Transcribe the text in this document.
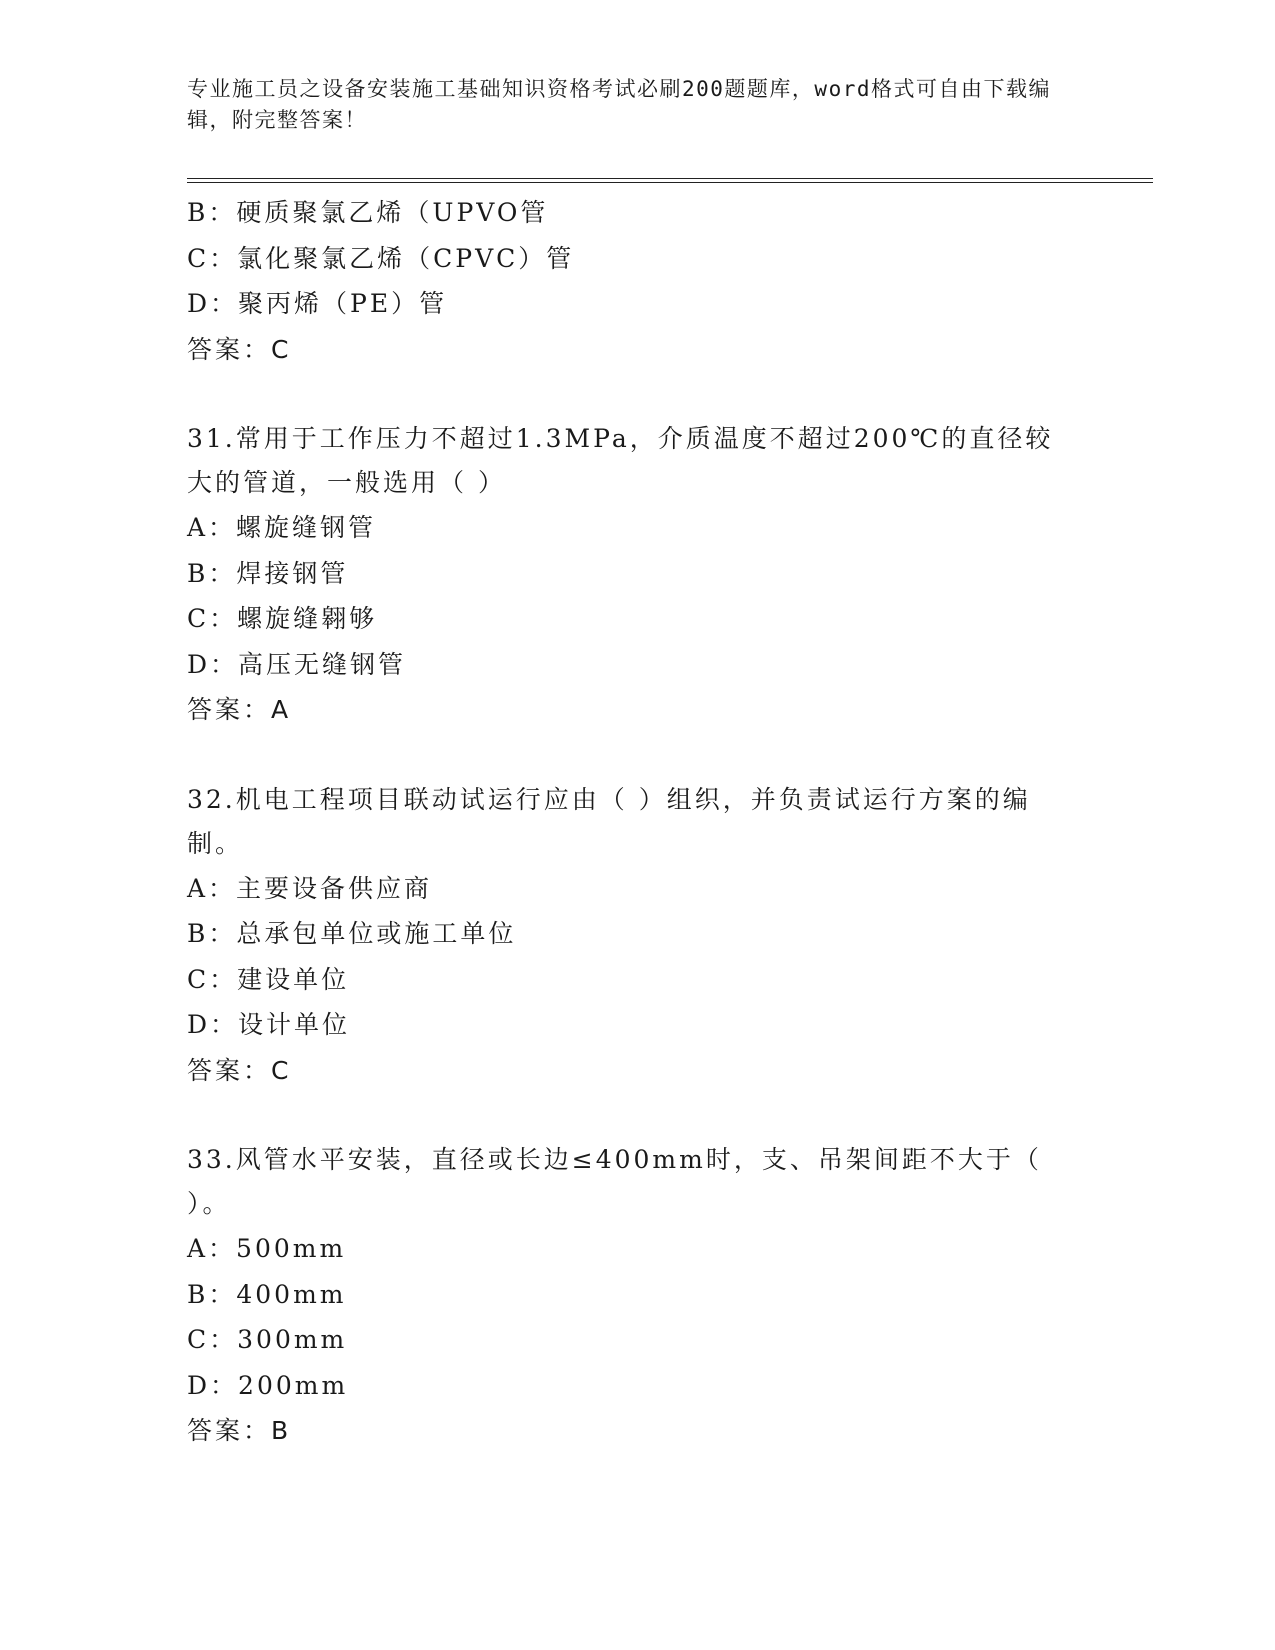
专业施工员之设备安装施工基础知识资格考试必刷200题题库，word格式可自由下载编辑，附完整答案！
B：硬质聚氯乙烯（UPVO管
C：氯化聚氯乙烯（CPVC）管
D：聚丙烯（PE）管
答案：C
31.常用于工作压力不超过1.3MPa，介质温度不超过200℃的直径较大的管道，一般选用（ ）
A：螺旋缝钢管
B：焊接钢管
C：螺旋缝翱够
D：高压无缝钢管
答案：A
32.机电工程项目联动试运行应由（ ）组织，并负责试运行方案的编制。
A：主要设备供应商
B：总承包单位或施工单位
C：建设单位
D：设计单位
答案：C
33.风管水平安装，直径或长边≤400mm时，支、吊架间距不大于（ ）。
A：500mm
B：400mm
C：300mm
D：200mm
答案：B
